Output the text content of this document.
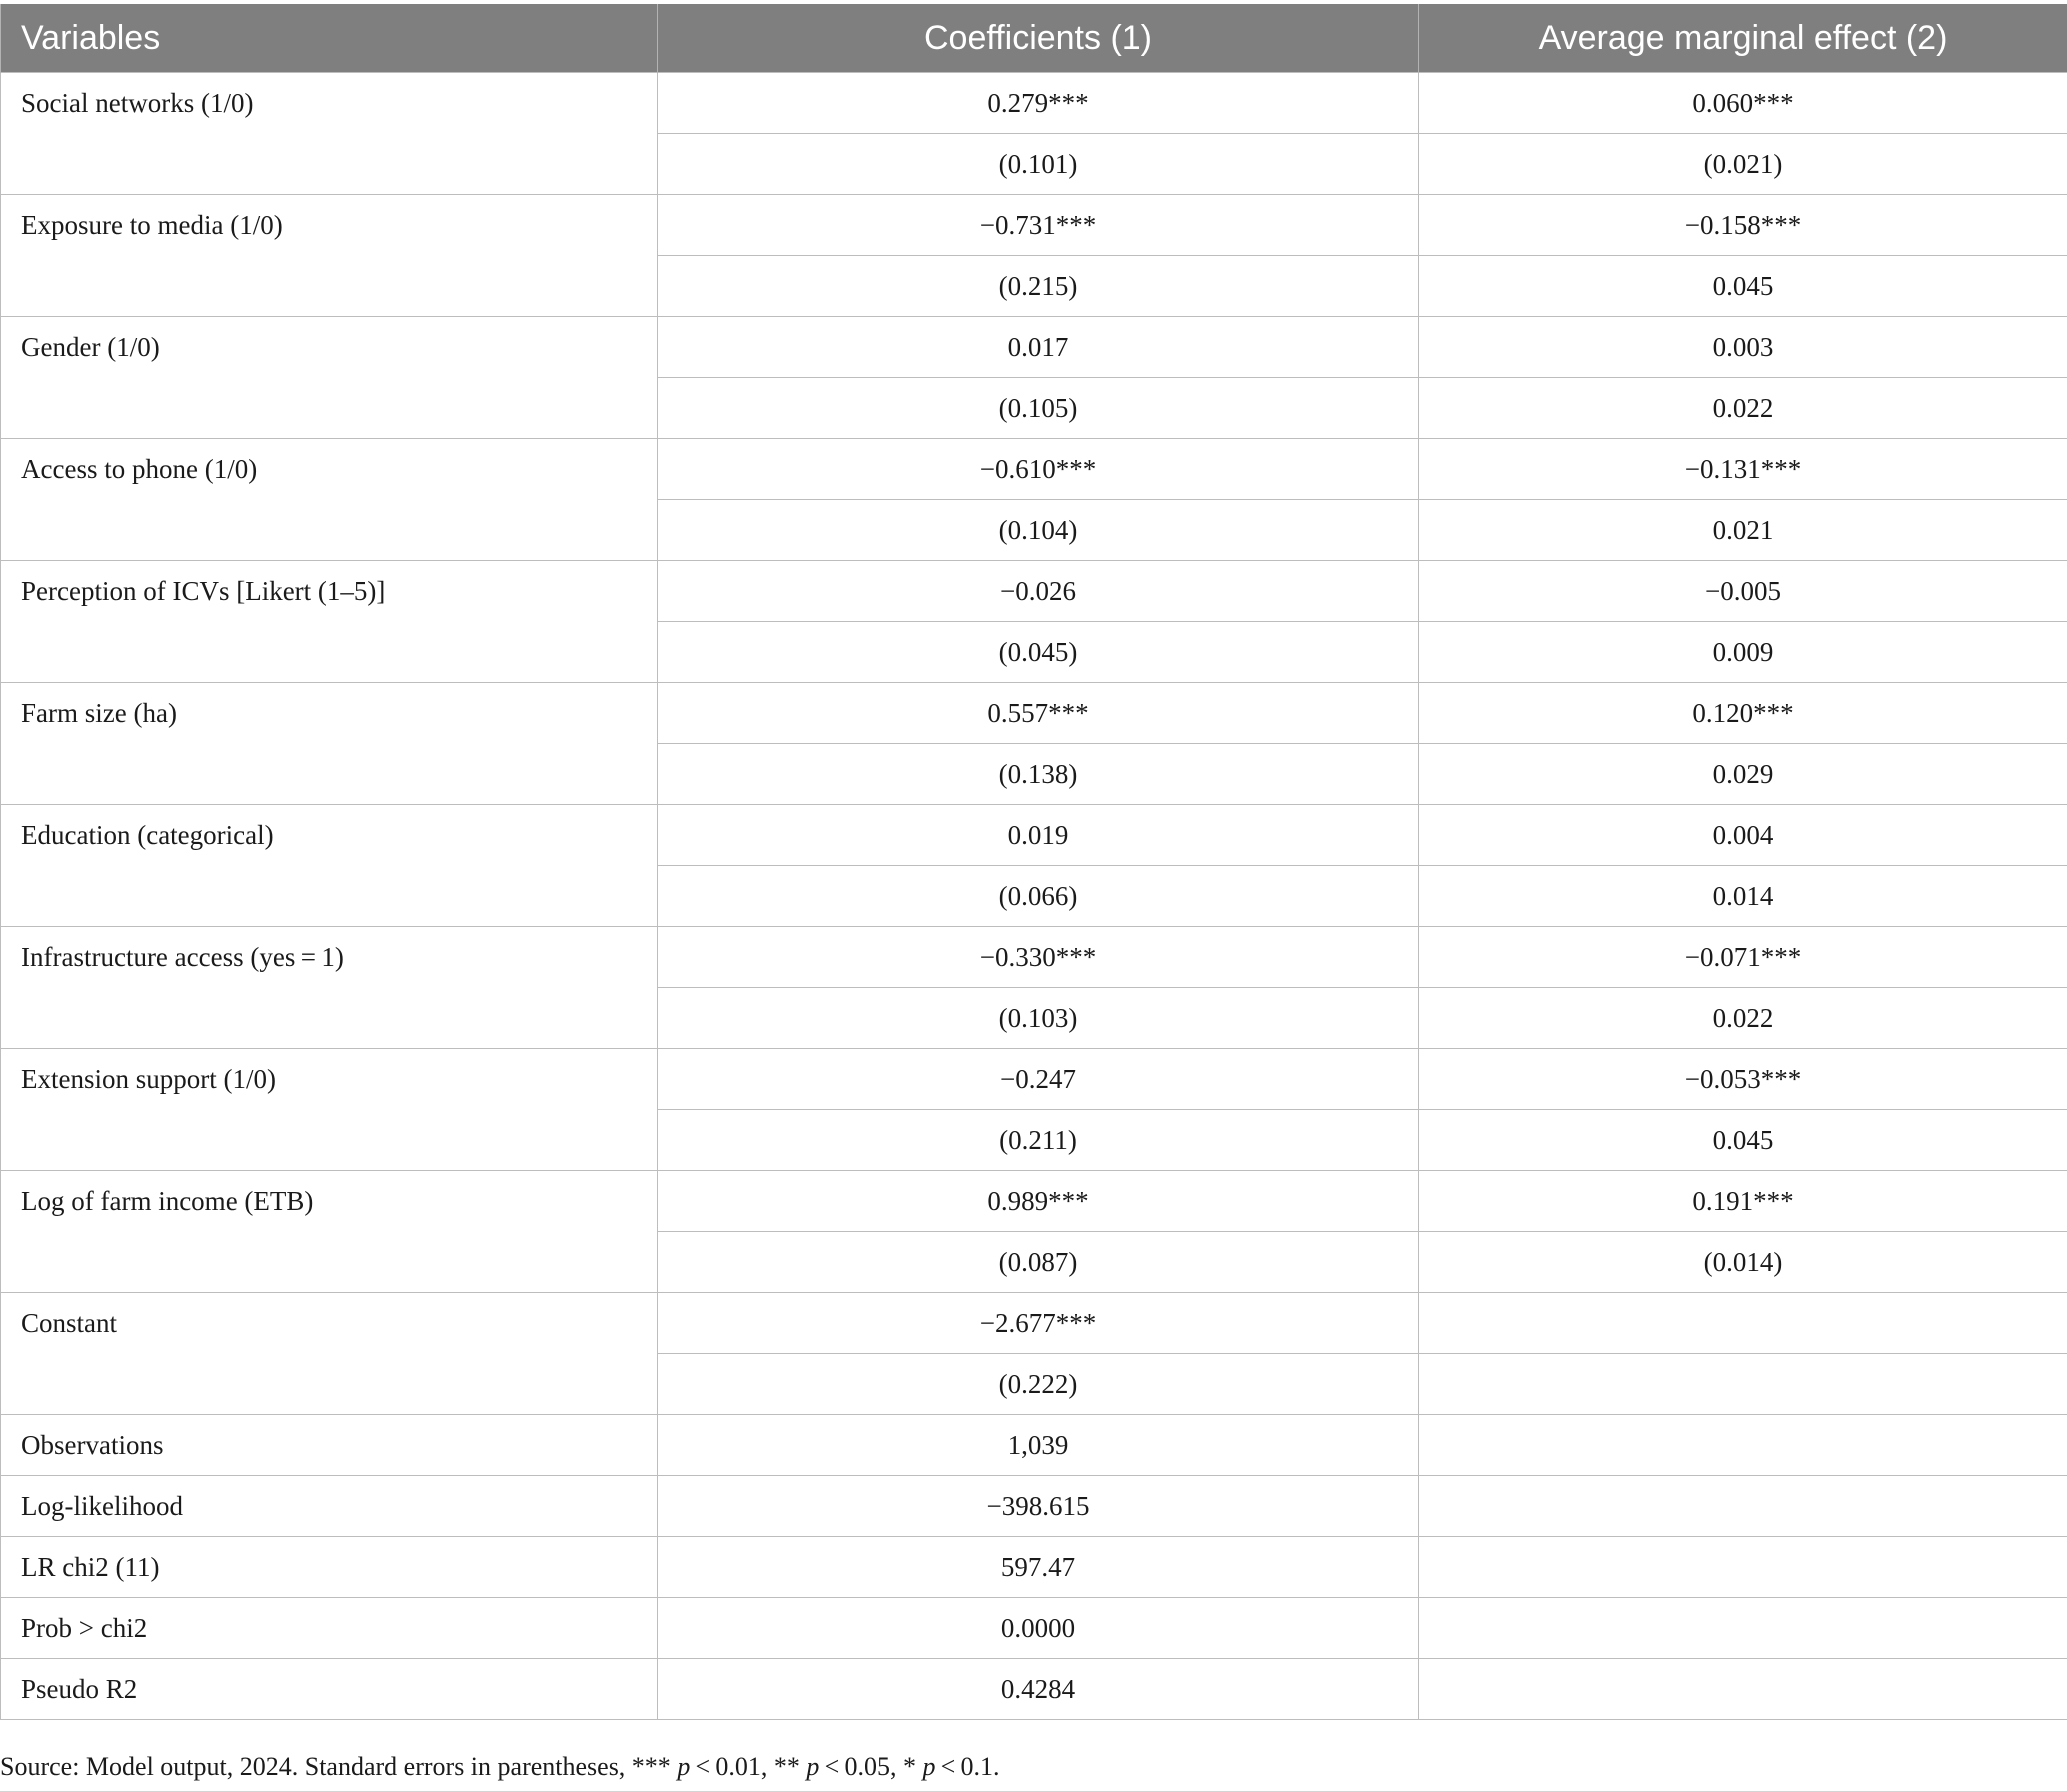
Variables	Coefficients (1)	Average marginal effect (2)
Social networks (1/0)	0.279***	0.060***
	(0.101)	(0.021)
Exposure to media (1/0)	−0.731***	−0.158***
	(0.215)	0.045
Gender (1/0)	0.017	0.003
	(0.105)	0.022
Access to phone (1/0)	−0.610***	−0.131***
	(0.104)	0.021
Perception of ICVs [Likert (1–5)]	−0.026	−0.005
	(0.045)	0.009
Farm size (ha)	0.557***	0.120***
	(0.138)	0.029
Education (categorical)	0.019	0.004
	(0.066)	0.014
Infrastructure access (yes = 1)	−0.330***	−0.071***
	(0.103)	0.022
Extension support (1/0)	−0.247	−0.053***
	(0.211)	0.045
Log of farm income (ETB)	0.989***	0.191***
	(0.087)	(0.014)
Constant	−2.677***	
	(0.222)	
Observations	1,039	
Log-likelihood	−398.615	
LR chi2 (11)	597.47	
Prob > chi2	0.0000	
Pseudo R2	0.4284	
Source: Model output, 2024. Standard errors in parentheses, *** p < 0.01, ** p < 0.05, * p < 0.1.
